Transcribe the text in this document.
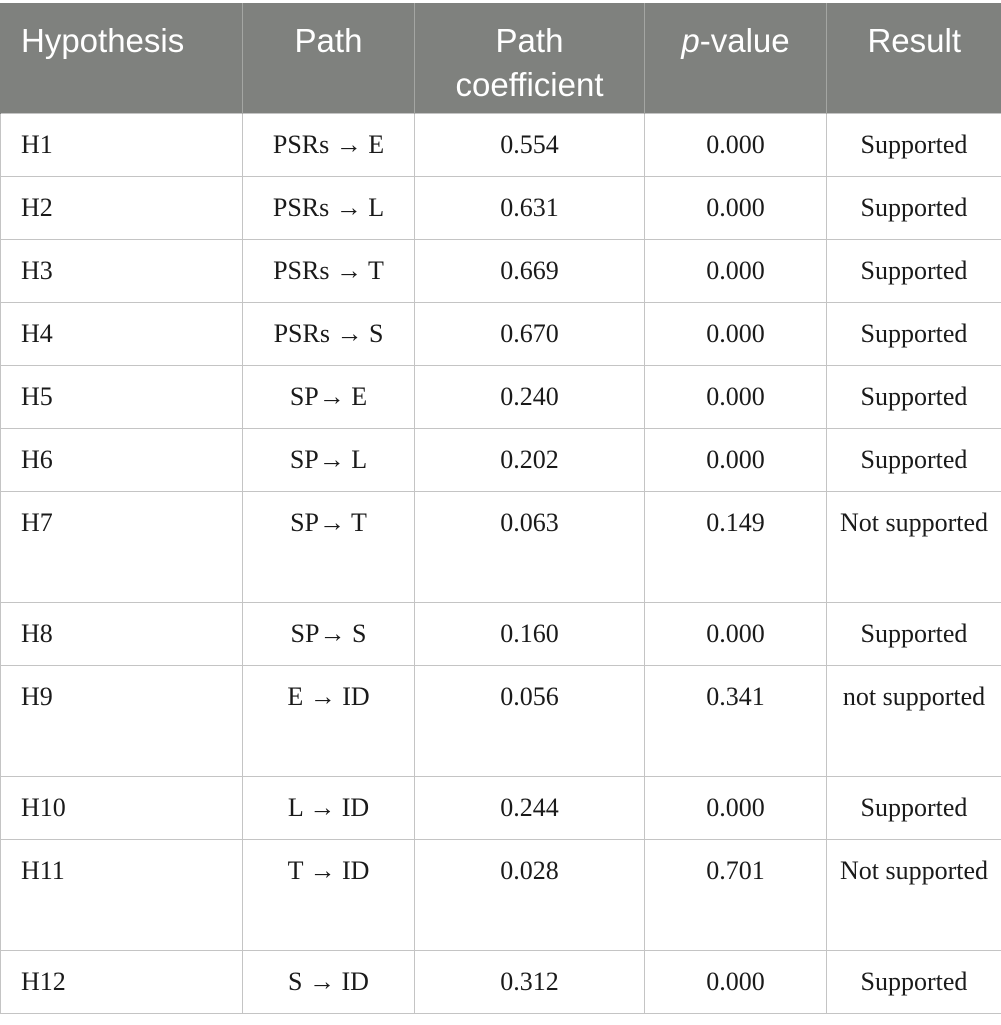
Hypothesis	Path	Path coefficient	p-value	Result
H1	PSRs → E	0.554	0.000	Supported
H2	PSRs → L	0.631	0.000	Supported
H3	PSRs → T	0.669	0.000	Supported
H4	PSRs → S	0.670	0.000	Supported
H5	SP→ E	0.240	0.000	Supported
H6	SP→ L	0.202	0.000	Supported
H7	SP→ T	0.063	0.149	Not supported
H8	SP→ S	0.160	0.000	Supported
H9	E → ID	0.056	0.341	not supported
H10	L → ID	0.244	0.000	Supported
H11	T → ID	0.028	0.701	Not supported
H12	S → ID	0.312	0.000	Supported
